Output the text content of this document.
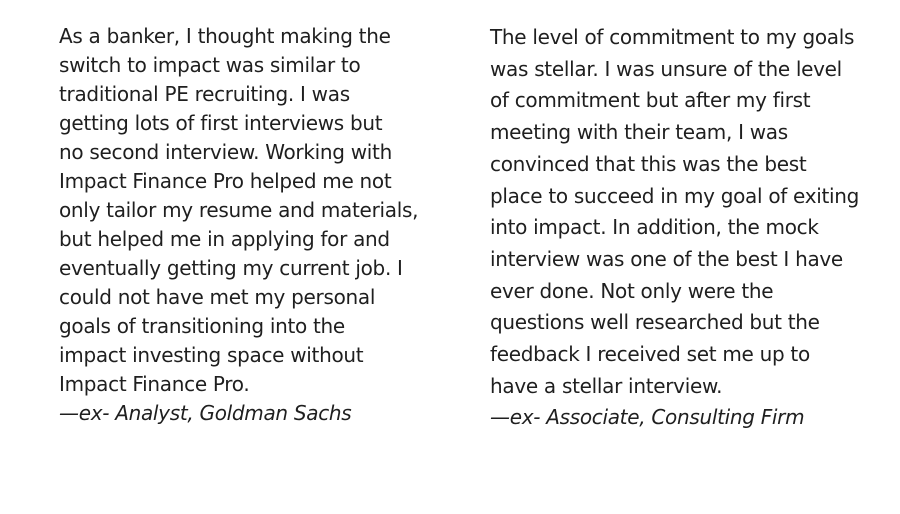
As a banker, I thought making the
switch to impact was similar to
traditional PE recruiting. I was
getting lots of first interviews but
no second interview. Working with
Impact Finance Pro helped me not
only tailor my resume and materials,
but helped me in applying for and
eventually getting my current job. I
could not have met my personal
goals of transitioning into the
impact investing space without
Impact Finance Pro.
—ex- Analyst, Goldman Sachs
The level of commitment to my goals
was stellar. I was unsure of the level
of commitment but after my first
meeting with their team, I was
convinced that this was the best
place to succeed in my goal of exiting
into impact. In addition, the mock
interview was one of the best I have
ever done. Not only were the
questions well researched but the
feedback I received set me up to
have a stellar interview.
—ex- Associate, Consulting Firm
